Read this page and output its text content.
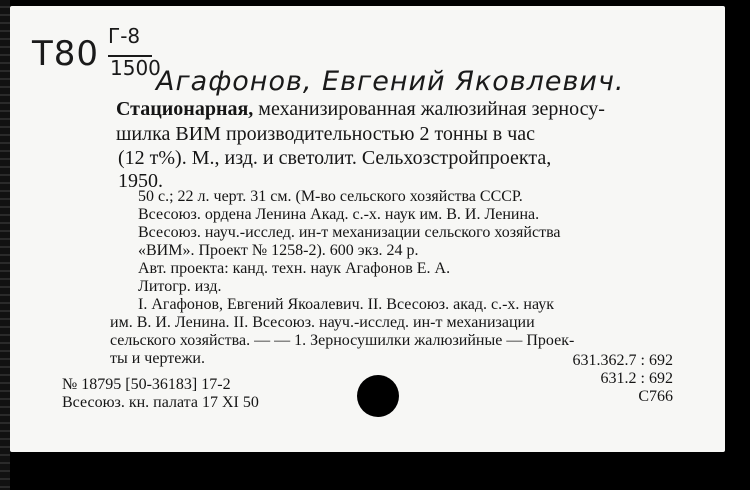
T80 Г-8
1500
Агафонов, Евгений Яковлевич.
Стационарная, механизированная жалюзийная зерносу-
шилка ВИМ производительностью 2 тонны в час
(12 т%). М., изд. и светолит. Сельхозстройпроекта,
1950.
50 с.; 22 л. черт. 31 см. (М-во сельского хозяйства СССР.
Всесоюз. ордена Ленина Акад. с.-х. наук им. В. И. Ленина.
Всесоюз. науч.-исслед. ин-т механизации сельского хозяйства
«ВИМ». Проект № 1258-2). 600 экз. 24 р.
Авт. проекта: канд. техн. наук Агафонов Е. А.
Литогр. изд.
I. Агафонов, Евгений Якоалевич. II. Всесоюз. акад. с.-х. наук
им. В. И. Ленина. II. Всесоюз. науч.-исслед. ин-т механизации
сельского хозяйства. — — 1. Зерносушилки жалюзийные — Проек-
ты и чертежи.	631.362.7 : 692
631.2 : 692
С766
№ 18795 [50-36183] 17-2
Всесоюз. кн. палата 17 XI 50
